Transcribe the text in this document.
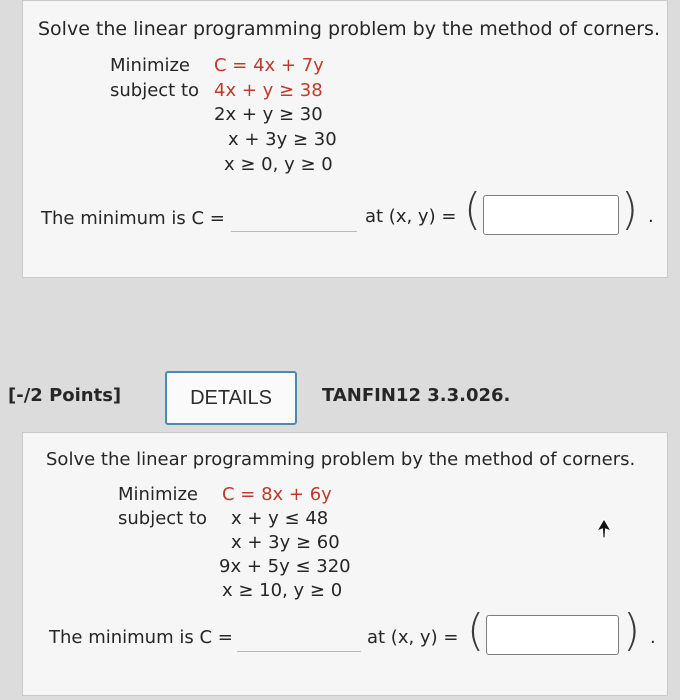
Solve the linear programming problem by the method of corners.
Minimize C = 4x + 7y
subject to 4x + y ≥ 38
2x + y ≥ 30
x + 3y ≥ 30
x ≥ 0, y ≥ 0
The minimum is C =	at (x, y) = (	) .
[-/2 Points]	DETAILS	TANFIN12 3.3.026.
Solve the linear programming problem by the method of corners.
Minimize C = 8x + 6y
subject to x + y ≤ 48
x + 3y ≥ 60
9x + 5y ≤ 320
x ≥ 10, y ≥ 0
The minimum is C =	at (x, y) = (	) .
